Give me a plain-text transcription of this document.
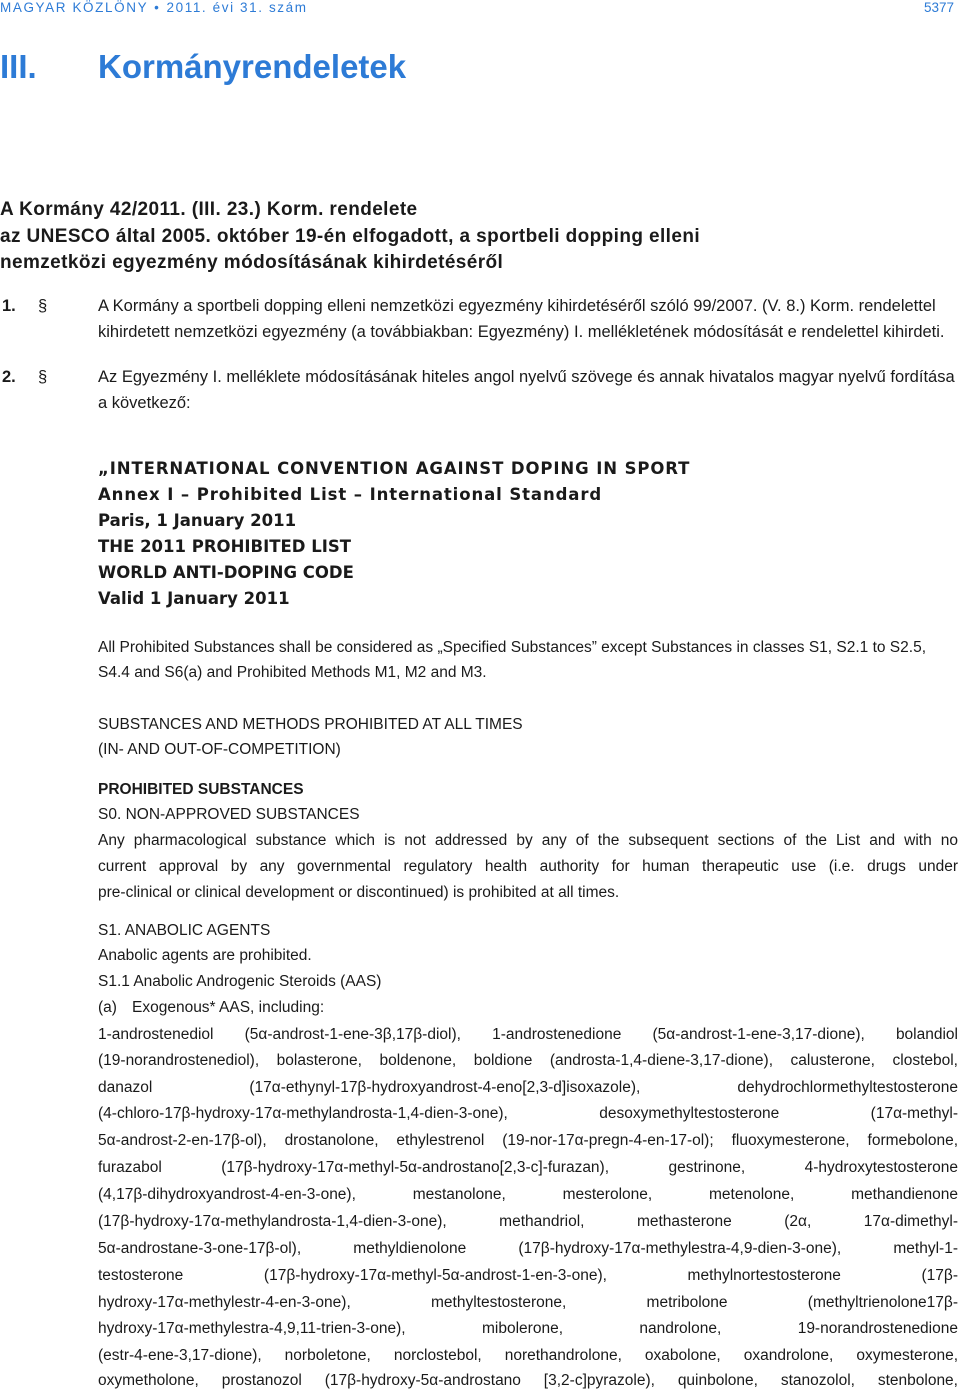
MAGYAR KÖZLÖNY • 2011. évi 31. szám	5377
III. Kormányrendeletek
A Kormány 42/2011. (III. 23.) Korm. rendelete
az UNESCO által 2005. október 19-én elfogadott, a sportbeli dopping elleni
nemzetközi egyezmény módosításának kihirdetéséről
1. §	A Kormány a sportbeli dopping elleni nemzetközi egyezmény kihirdetéséről szóló 99/2007. (V. 8.) Korm. rendelettel
kihirdetett nemzetközi egyezmény (a továbbiakban: Egyezmény) I. mellékletének módosítását e rendelettel kihirdeti.
2. §	Az Egyezmény I. melléklete módosításának hiteles angol nyelvű szövege és annak hivatalos magyar nyelvű fordítása
a következő:
„INTERNATIONAL CONVENTION AGAINST DOPING IN SPORT
Annex I – Prohibited List – International Standard
Paris, 1 January 2011
THE 2011 PROHIBITED LIST
WORLD ANTI-DOPING CODE
Valid 1 January 2011
All Prohibited Substances shall be considered as „Specified Substances” except Substances in classes S1, S2.1 to S2.5,
S4.4 and S6(a) and Prohibited Methods M1, M2 and M3.
SUBSTANCES AND METHODS PROHIBITED AT ALL TIMES
(IN- AND OUT-OF-COMPETITION)
PROHIBITED SUBSTANCES
S0. NON-APPROVED SUBSTANCES
Any pharmacological substance which is not addressed by any of the subsequent sections of the List and with no
current approval by any governmental regulatory health authority for human therapeutic use (i.e. drugs under
pre-clinical or clinical development or discontinued) is prohibited at all times.
S1. ANABOLIC AGENTS
Anabolic agents are prohibited.
S1.1 Anabolic Androgenic Steroids (AAS)
(a) Exogenous* AAS, including:
1-androstenediol (5α-androst-1-ene-3β,17β-diol), 1-androstenedione (5α-androst-1-ene-3,17-dione), bolandiol
(19-norandrostenediol), bolasterone, boldenone, boldione (androsta-1,4-diene-3,17-dione), calusterone, clostebol,
danazol (17α-ethynyl-17β-hydroxyandrost-4-eno[2,3-d]isoxazole), dehydrochlormethyltestosterone
(4-chloro-17β-hydroxy-17α-methylandrosta-1,4-dien-3-one), desoxymethyltestosterone (17α-methyl-
5α-androst-2-en-17β-ol), drostanolone, ethylestrenol (19-nor-17α-pregn-4-en-17-ol); fluoxymesterone, formebolone,
furazabol (17β-hydroxy-17α-methyl-5α-androstano[2,3-c]-furazan), gestrinone, 4-hydroxytestosterone
(4,17β-dihydroxyandrost-4-en-3-one), mestanolone, mesterolone, metenolone, methandienone
(17β-hydroxy-17α-methylandrosta-1,4-dien-3-one), methandriol, methasterone (2α, 17α-dimethyl-
5α-androstane-3-one-17β-ol), methyldienolone (17β-hydroxy-17α-methylestra-4,9-dien-3-one), methyl-1-
testosterone (17β-hydroxy-17α-methyl-5α-androst-1-en-3-one), methylnortestosterone (17β-
hydroxy-17α-methylestr-4-en-3-one), methyltestosterone, metribolone (methyltrienolone17β-
hydroxy-17α-methylestra-4,9,11-trien-3-one), mibolerone, nandrolone, 19-norandrostenedione
(estr-4-ene-3,17-dione), norboletone, norclostebol, norethandrolone, oxabolone, oxandrolone, oxymesterone,
oxymetholone, prostanozol (17β-hydroxy-5α-androstano [3,2-c]pyrazole), quinbolone, stanozolol, stenbolone,
